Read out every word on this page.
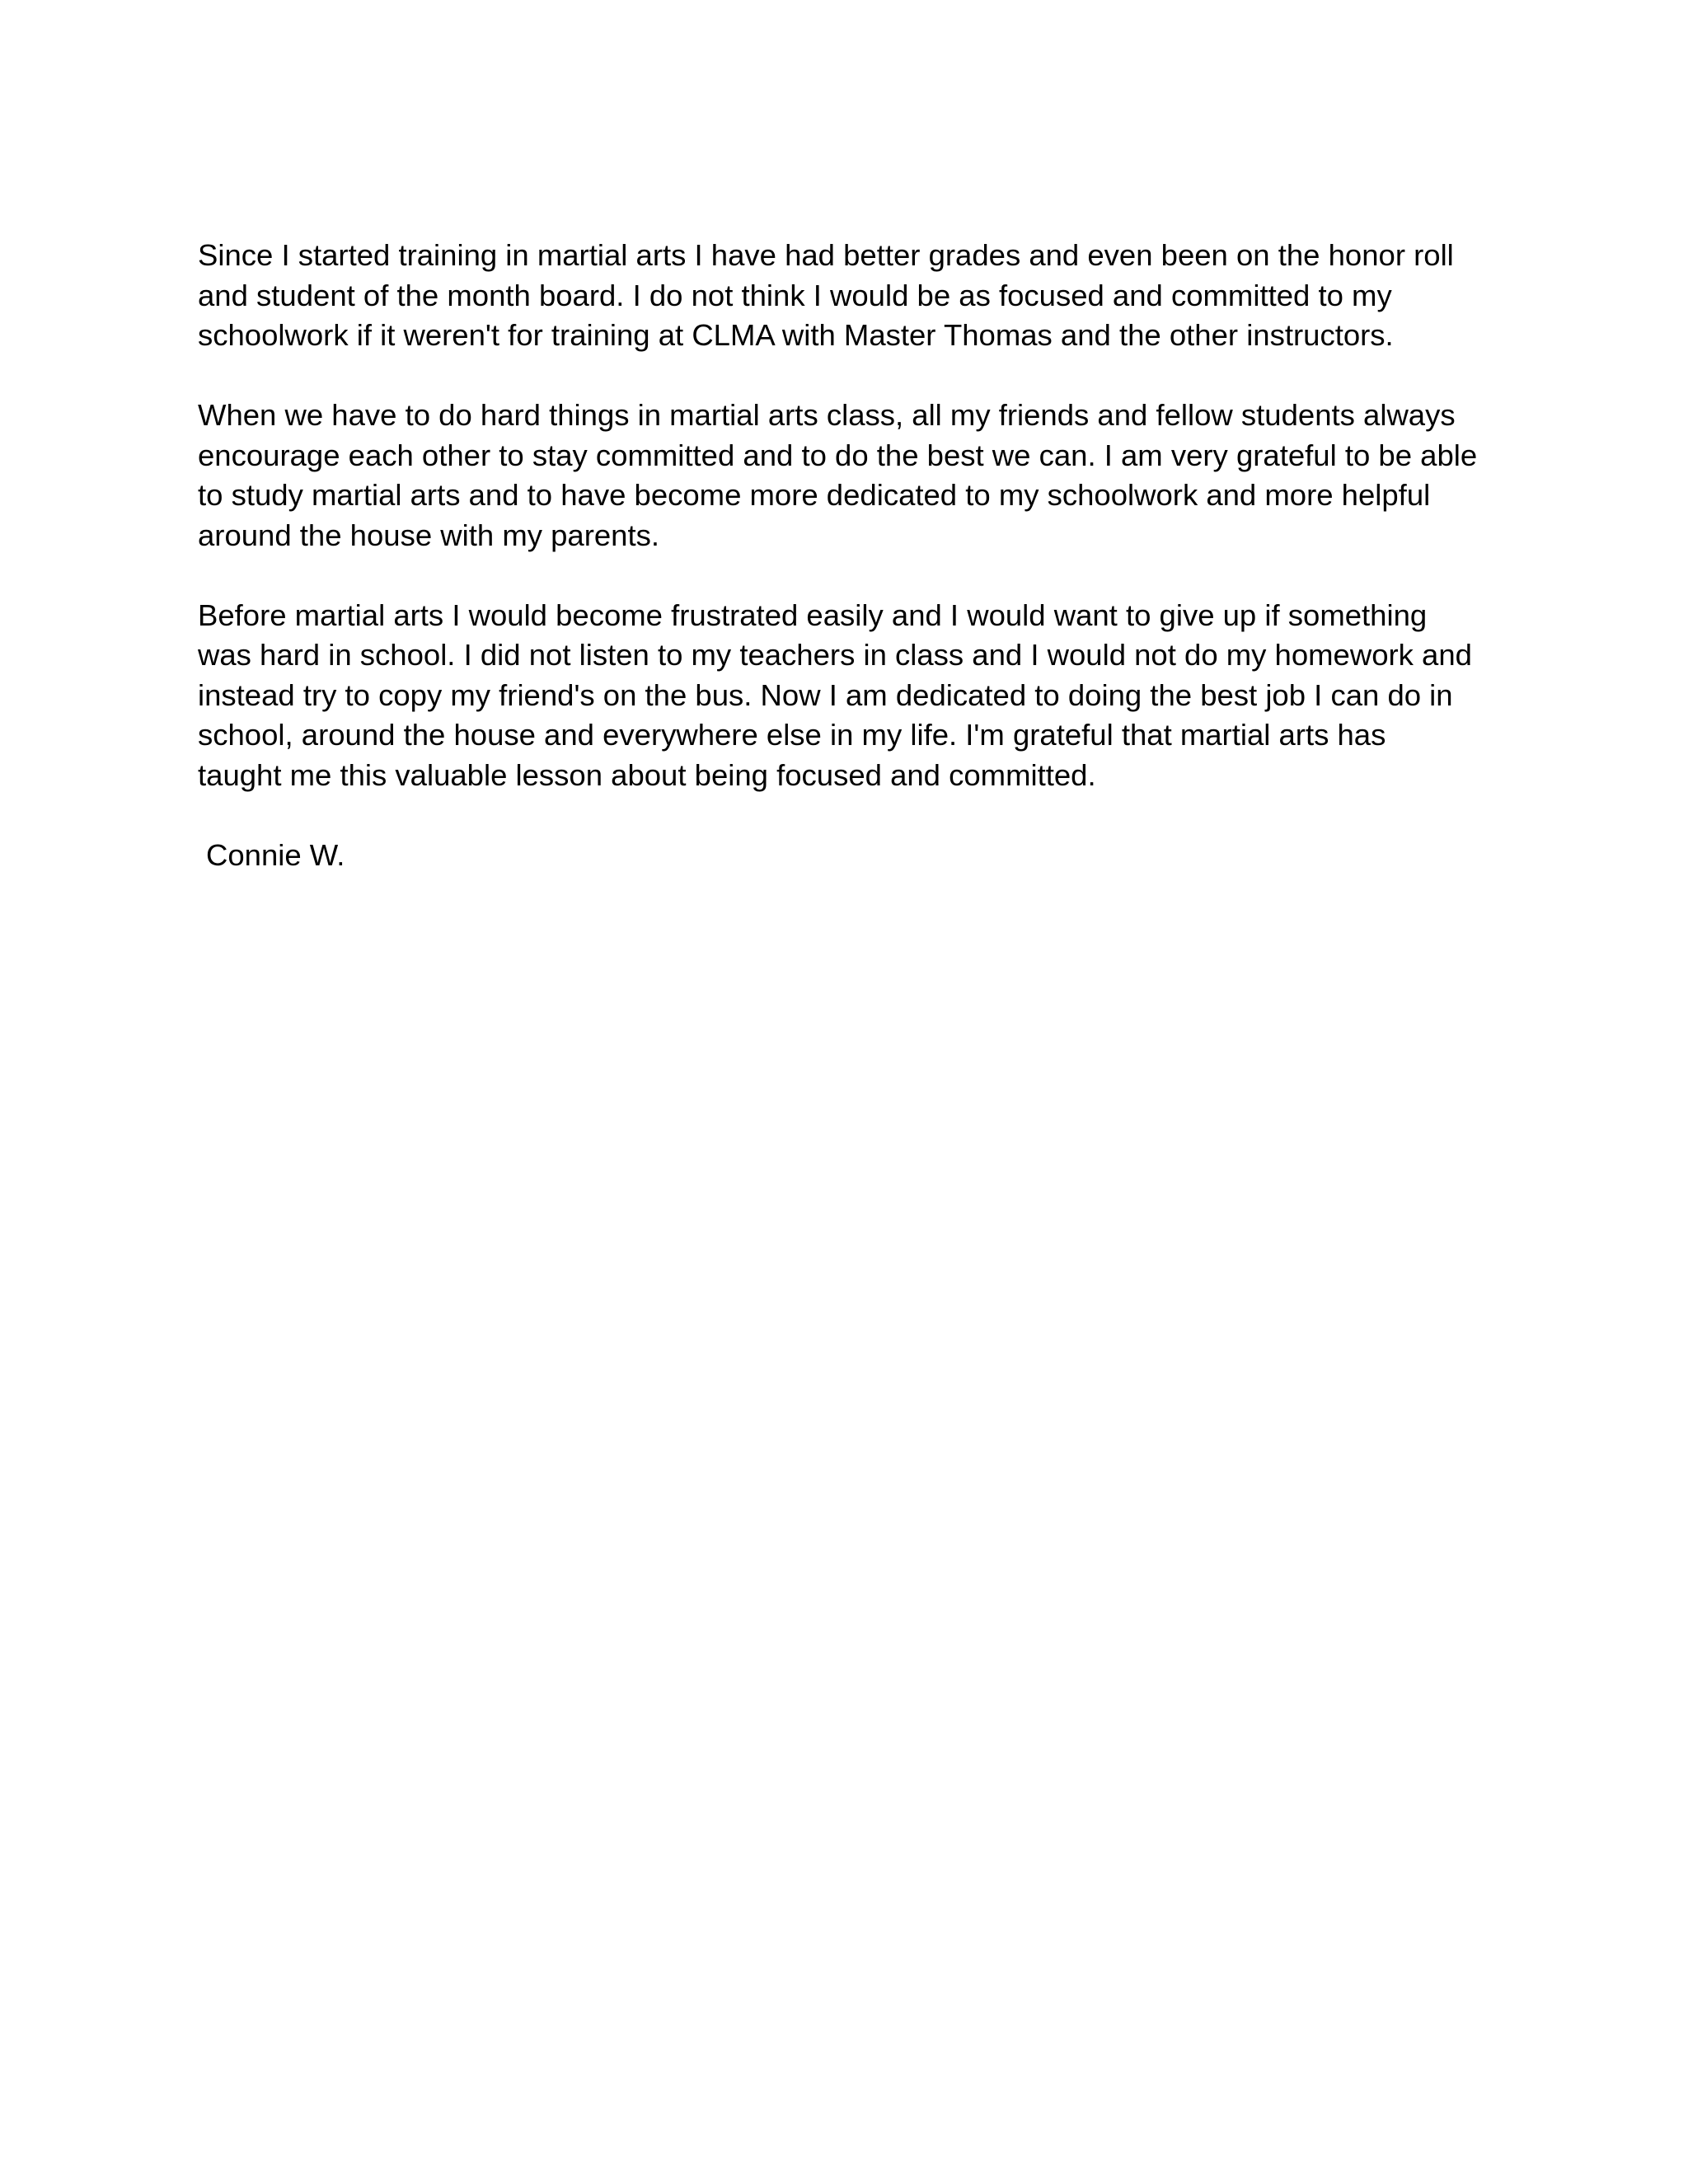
Since I started training in martial arts I have had better grades and even been on the honor roll
and student of the month board. I do not think I would be as focused and committed to my
schoolwork if it weren't for training at CLMA with Master Thomas and the other instructors.

When we have to do hard things in martial arts class, all my friends and fellow students always
encourage each other to stay committed and to do the best we can. I am very grateful to be able
to study martial arts and to have become more dedicated to my schoolwork and more helpful
around the house with my parents.

Before martial arts I would become frustrated easily and I would want to give up if something
was hard in school. I did not listen to my teachers in class and I would not do my homework and
instead try to copy my friend's on the bus. Now I am dedicated to doing the best job I can do in
school, around the house and everywhere else in my life. I'm grateful that martial arts has
taught me this valuable lesson about being focused and committed.

Connie W.
